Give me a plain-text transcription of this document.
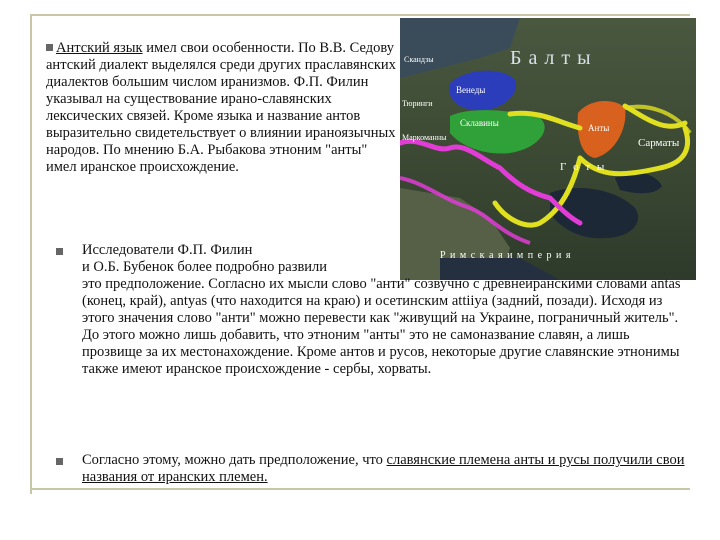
Б а л т ы
Скандзы
Венеды
Тюринги
Склавины
Маркоманны
Анты
Сарматы
Г о т ы
Р и м с к а я и м п е р и я
Антский язык имел свои особенности. По В.В. Седову антский диалект выделялся среди других праславянских диалектов большим числом иранизмов. Ф.П. Филин указывал на существование ирано-славянских лексических связей. Кроме языка и название антов выразительно свидетельствует о влиянии ираноязычных народов. По мнению Б.А. Рыбакова этноним "анты" имел иранское происхождение.
Исследователи Ф.П. Филин
и О.Б. Бубенок более подробно развили
это предположение. Согласно их мысли слово "анти" созвучно с древнеиранскими словами antas (конец, край), antyas (что находится на краю) и осетинским attiiya (задний, позади). Исходя из этого значения слово "анти" можно перевести как "живущий на Украине, пограничный житель". До этого можно лишь добавить, что этноним "анты" это не самоназвание славян, а лишь прозвище за их местонахождение. Кроме антов и русов, некоторые другие славянские этнонимы также имеют иранское происхождение - сербы, хорваты.
Согласно этому, можно дать предположение, что славянские племена анты и русы получили свои названия от иранских племен.
